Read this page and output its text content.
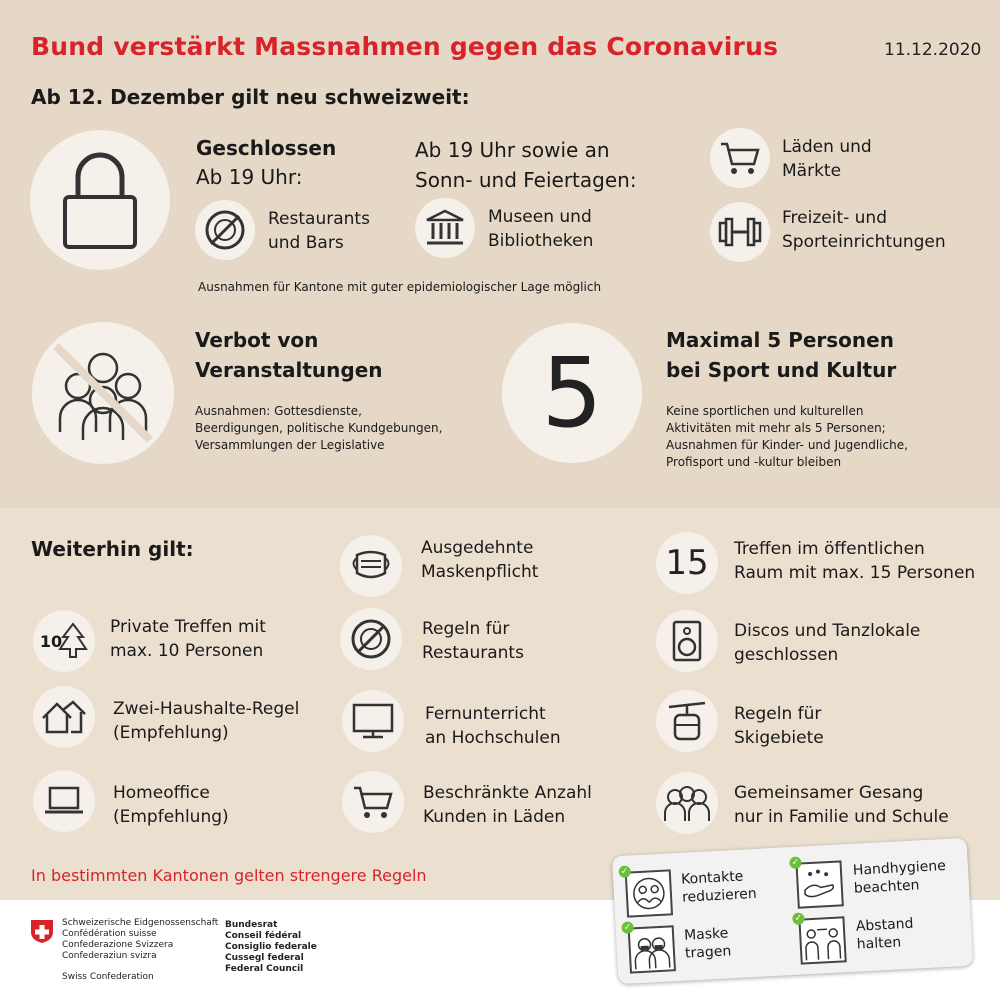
Bund verstärkt Massnahmen gegen das Coronavirus	11.12.2020
Ab 12. Dezember gilt neu schweizweit:
Geschlossen
Ab 19 Uhr:
Ab 19 Uhr sowie an
Sonn- und Feiertagen:
Restaurants
und Bars
Museen und
Bibliotheken
Läden und
Märkte
Freizeit- und
Sporteinrichtungen
Ausnahmen für Kantone mit guter epidemiologischer Lage möglich
Verbot von
Veranstaltungen
Ausnahmen: Gottesdienste,
Beerdigungen, politische Kundgebungen,
Versammlungen der Legislative	5	Maximal 5 Personen
bei Sport und Kultur
Keine sportlichen und kulturellen
Aktivitäten mit mehr als 5 Personen;
Ausnahmen für Kinder- und Jugendliche,
Profisport und -kultur bleiben
Weiterhin gilt:	Ausgedehnte
Maskenpflicht	15 Treffen im öffentlichen
Raum mit max. 15 Personen
10
Private Treffen mit
max. 10 Personen
Regeln für
Restaurants
Discos und Tanzlokale
geschlossen
Zwei-Haushalte-Regel
(Empfehlung)
Fernunterricht
an Hochschulen
Regeln für
Skigebiete
Homeoffice
(Empfehlung)
Beschränkte Anzahl
Kunden in Läden
Gemeinsamer Gesang
nur in Familie und Schule
In bestimmten Kantonen gelten strengere Regeln
Schweizerische Eidgenossenschaft
Confédération suisse
Confederazione Svizzera
Confederaziun svizra
Swiss Confederation
Bundesrat
Conseil fédéral
Consiglio federale
Cussegl federal
Federal Council
✓	Kontakte
reduzieren
✓	Handhygiene
beachten
✓	Maske
tragen
✓	Abstand
halten
